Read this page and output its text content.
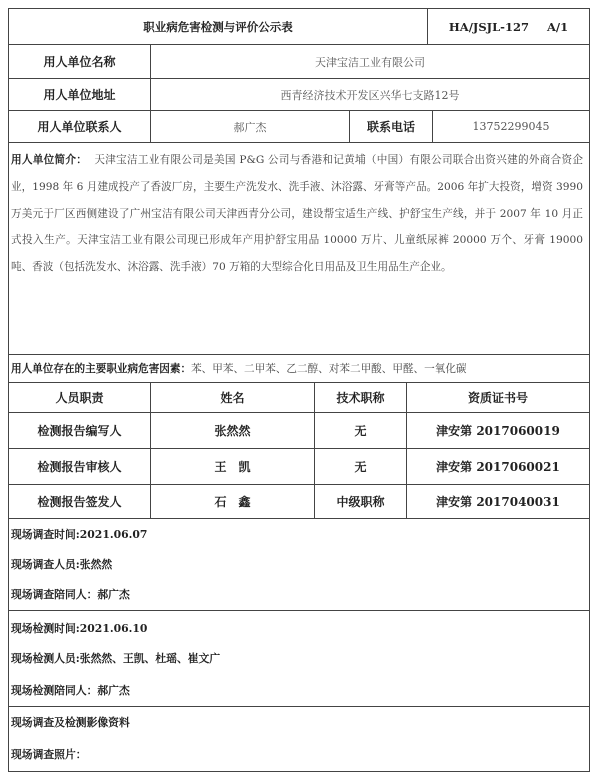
职业病危害检测与评价公示表	HA/JSJL-127 A/1
用人单位名称	天津宝洁工业有限公司
用人单位地址	西青经济技术开发区兴华七支路12号
用人单位联系人	郝广杰	联系电话	13752299045
用人单位简介： 天津宝洁工业有限公司是美国 P&G 公司与香港和记黄埔（中国）有限公司联合出资兴建的外商合资企业，1998 年 6 月建成投产了香波厂房，主要生产洗发水、洗手液、沐浴露、牙膏等产品。2006 年扩大投资，增资 3990 万美元于厂区西侧建设了广州宝洁有限公司天津西青分公司，建设帮宝适生产线、护舒宝生产线，并于 2007 年 10 月正式投入生产。天津宝洁工业有限公司现已形成年产用护舒宝用品 10000 万片、儿童纸尿裤 20000 万个、牙膏 19000 吨、香波（包括洗发水、沐浴露、洗手液）70 万箱的大型综合化日用品及卫生用品生产企业。
用人单位存在的主要职业病危害因素：苯、甲苯、二甲苯、乙二醇、对苯二甲酸、甲醛、一氧化碳
人员职责	姓名	技术职称	资质证书号
检测报告编写人	张然然	无	津安第 2017060019
检测报告审核人	王　凯	无	津安第 2017060021
检测报告签发人	石　鑫	中级职称	津安第 2017040031
现场调查时间:2021.06.07
现场调查人员:张然然
现场调查陪同人：郝广杰
现场检测时间:2021.06.10
现场检测人员:张然然、王凯、杜瑶、崔文广
现场检测陪同人：郝广杰
现场调查及检测影像资料
现场调查照片：
